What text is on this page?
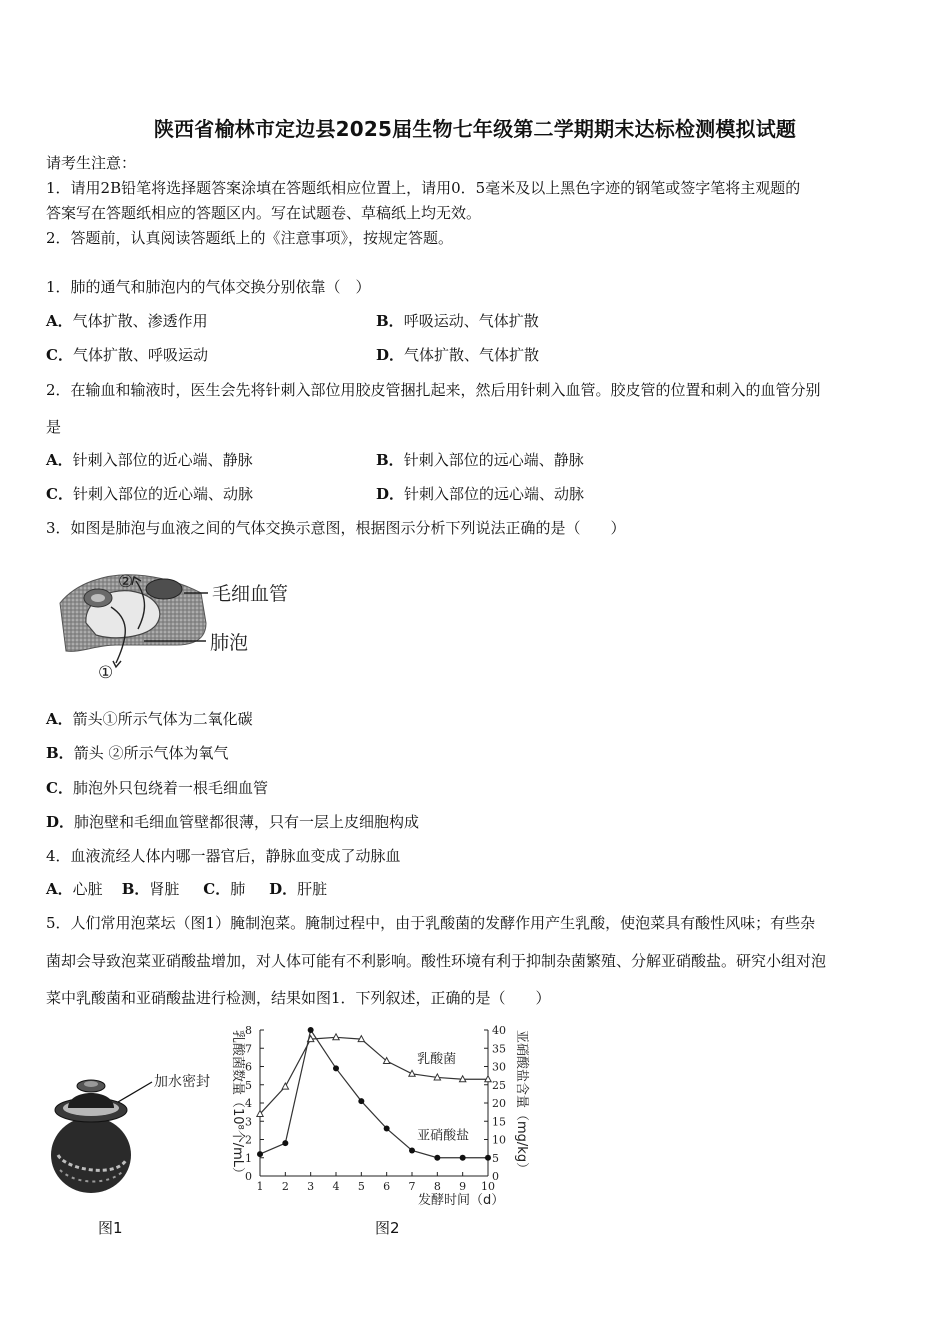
陕西省榆林市定边县2025届生物七年级第二学期期末达标检测模拟试题
请考生注意：
1．请用2B铅笔将选择题答案涂填在答题纸相应位置上，请用0．5毫米及以上黑色字迹的钢笔或签字笔将主观题的
答案写在答题纸相应的答题区内。写在试题卷、草稿纸上均无效。
2．答题前，认真阅读答题纸上的《注意事项》，按规定答题。
1．肺的通气和肺泡内的气体交换分别依靠（　）
A．气体扩散、渗透作用	B．呼吸运动、气体扩散
C．气体扩散、呼吸运动	D．气体扩散、气体扩散
2．在输血和输液时，医生会先将针刺入部位用胶皮管捆扎起来，然后用针刺入血管。胶皮管的位置和刺入的血管分别
是
A．针刺入部位的近心端、静脉	B．针刺入部位的远心端、静脉
C．针刺入部位的近心端、动脉	D．针刺入部位的远心端、动脉
3．如图是肺泡与血液之间的气体交换示意图，根据图示分析下列说法正确的是（　　）
②
①
毛细血管
肺泡
A．箭头①所示气体为二氧化碳
B．箭头 ②所示气体为氧气
C．肺泡外只包绕着一根毛细血管
D．肺泡壁和毛细血管壁都很薄，只有一层上皮细胞构成
4．血液流经人体内哪一器官后，静脉血变成了动脉血
A．心脏 B．肾脏 C．肺 D．肝脏
5．人们常用泡菜坛（图1）腌制泡菜。腌制过程中，由于乳酸菌的发酵作用产生乳酸，使泡菜具有酸性风味；有些杂
菌却会导致泡菜亚硝酸盐增加，对人体可能有不利影响。酸性环境有利于抑制杂菌繁殖、分解亚硝酸盐。研究小组对泡
菜中乳酸菌和亚硝酸盐进行检测，结果如图1．下列叙述，正确的是（　　）
加水密封
图1
乳酸菌数量（10⁸个/mL）	亚硝酸盐含量（mg/kg）
发酵时间（d）
0
1
2
3
4
5
6
7
8
0
5
10
15
20
25
30
35
40
1 2 3 4 5 6 7 8 9 10
乳酸菌
亚硝酸盐
图2
